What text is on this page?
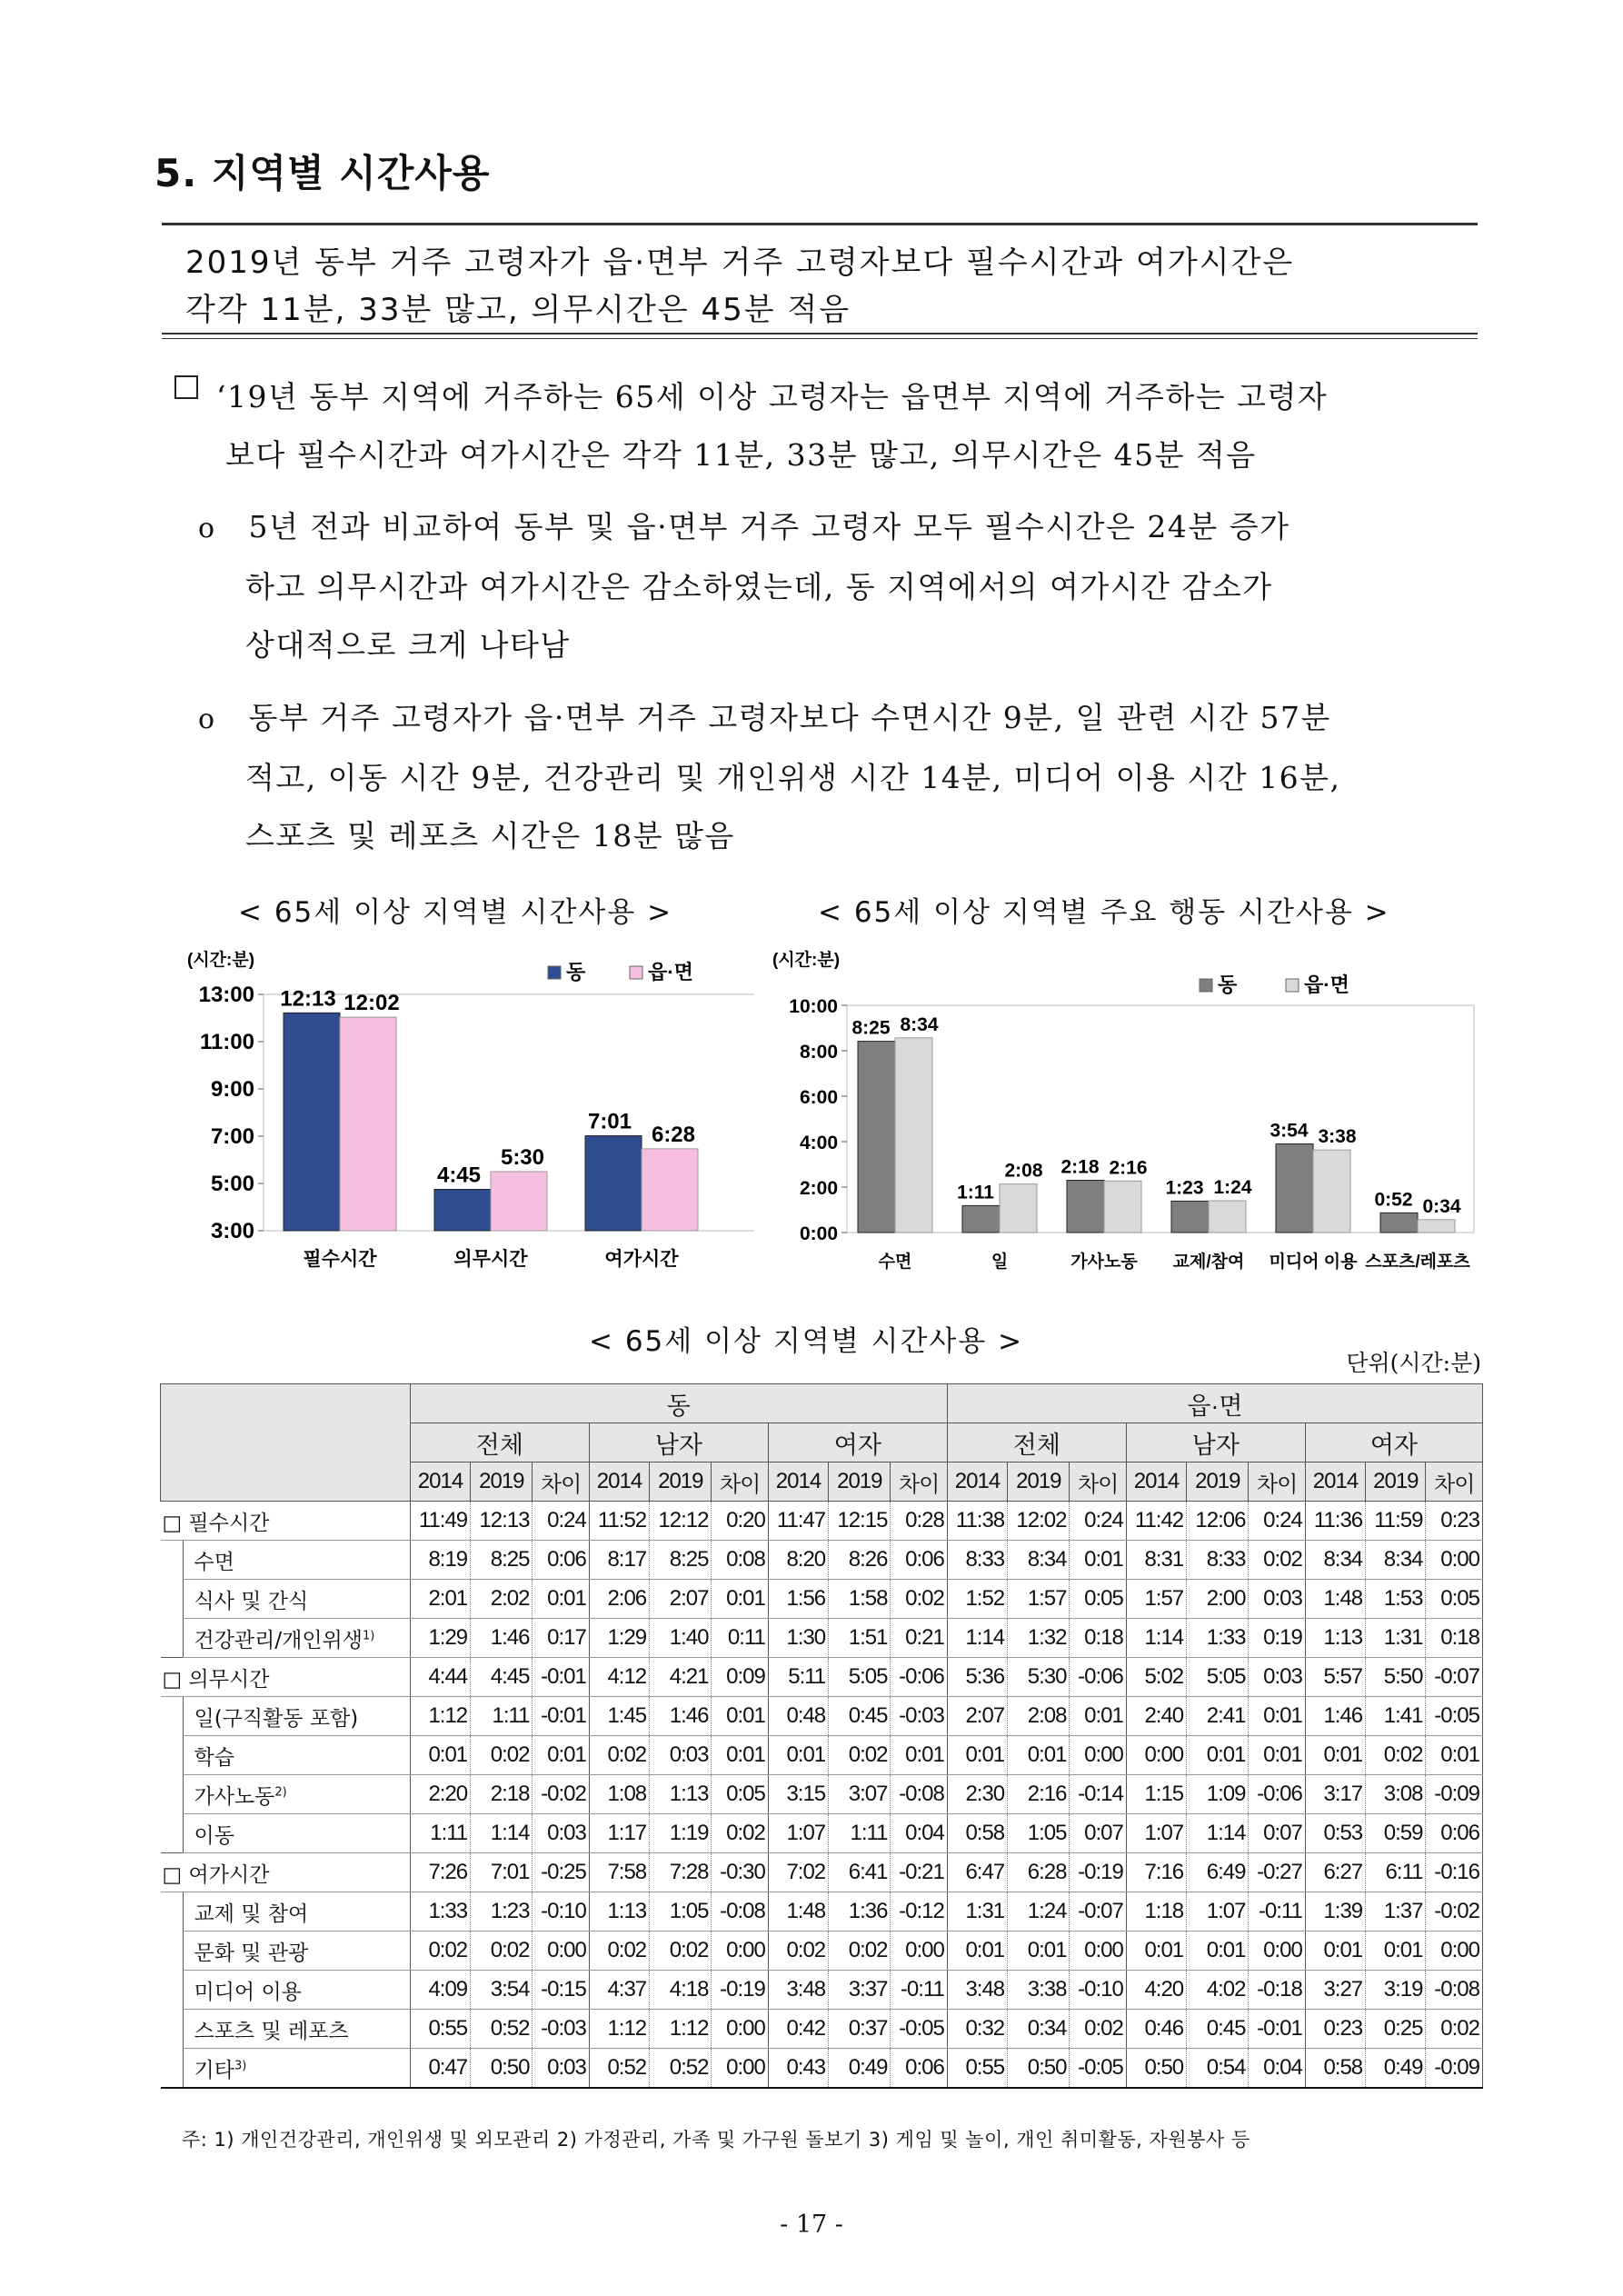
5. 지역별 시간사용
2019년 동부 거주 고령자가 읍·면부 거주 고령자보다 필수시간과 여가시간은
각각 11분, 33분 많고, 의무시간은 45분 적음
‘19년 동부 지역에 거주하는 65세 이상 고령자는 읍면부 지역에 거주하는 고령자
보다 필수시간과 여가시간은 각각 11분, 33분 많고, 의무시간은 45분 적음
o 5년 전과 비교하여 동부 및 읍·면부 거주 고령자 모두 필수시간은 24분 증가
하고 의무시간과 여가시간은 감소하였는데, 동 지역에서의 여가시간 감소가
상대적으로 크게 나타남
o 동부 거주 고령자가 읍·면부 거주 고령자보다 수면시간 9분, 일 관련 시간 57분
적고, 이동 시간 9분, 건강관리 및 개인위생 시간 14분, 미디어 이용 시간 16분,
스포츠 및 레포츠 시간은 18분 많음
< 65세 이상 지역별 시간사용 >
(시간:분)
13:00
11:00
9:00
7:00
5:00
3:00
12:13 12:02
필수시간
4:45
5:30
의무시간
7:01
6:28
여가시간
동	읍·면
< 65세 이상 지역별 주요 행동 시간사용 >
(시간:분)
10:00
8:00
6:00
4:00
2:00
0:00
8:25 8:34
수면
1:11
2:08
일
2:18 2:16
가사노동
1:23 1:24
교제/참여
3:54 3:38
미디어 이용
0:52 0:34
스포츠/레포츠
동	읍·면
< 65세 이상 지역별 시간사용 >
단위(시간:분)
		동									읍·면								
		전체			남자			여자			전체			남자			여자		
		2014	2019	차이	2014	2019	차이	2014	2019	차이	2014	2019	차이	2014	2019	차이	2014	2019	차이
□ 필수시간		11:49	12:13	0:24	11:52	12:12	0:20	11:47	12:15	0:28	11:38	12:02	0:24	11:42	12:06	0:24	11:36	11:59	0:23
	수면	8:19	8:25	0:06	8:17	8:25	0:08	8:20	8:26	0:06	8:33	8:34	0:01	8:31	8:33	0:02	8:34	8:34	0:00
	식사 및 간식	2:01	2:02	0:01	2:06	2:07	0:01	1:56	1:58	0:02	1:52	1:57	0:05	1:57	2:00	0:03	1:48	1:53	0:05
	건강관리/개인위생$^{1)}$	1:29	1:46	0:17	1:29	1:40	0:11	1:30	1:51	0:21	1:14	1:32	0:18	1:14	1:33	0:19	1:13	1:31	0:18
□ 의무시간		4:44	4:45	-0:01	4:12	4:21	0:09	5:11	5:05	-0:06	5:36	5:30	-0:06	5:02	5:05	0:03	5:57	5:50	-0:07
	일(구직활동 포함)	1:12	1:11	-0:01	1:45	1:46	0:01	0:48	0:45	-0:03	2:07	2:08	0:01	2:40	2:41	0:01	1:46	1:41	-0:05
	학습	0:01	0:02	0:01	0:02	0:03	0:01	0:01	0:02	0:01	0:01	0:01	0:00	0:00	0:01	0:01	0:01	0:02	0:01
	가사노동$^{2)}$	2:20	2:18	-0:02	1:08	1:13	0:05	3:15	3:07	-0:08	2:30	2:16	-0:14	1:15	1:09	-0:06	3:17	3:08	-0:09
	이동	1:11	1:14	0:03	1:17	1:19	0:02	1:07	1:11	0:04	0:58	1:05	0:07	1:07	1:14	0:07	0:53	0:59	0:06
□ 여가시간		7:26	7:01	-0:25	7:58	7:28	-0:30	7:02	6:41	-0:21	6:47	6:28	-0:19	7:16	6:49	-0:27	6:27	6:11	-0:16
	교제 및 참여	1:33	1:23	-0:10	1:13	1:05	-0:08	1:48	1:36	-0:12	1:31	1:24	-0:07	1:18	1:07	-0:11	1:39	1:37	-0:02
	문화 및 관광	0:02	0:02	0:00	0:02	0:02	0:00	0:02	0:02	0:00	0:01	0:01	0:00	0:01	0:01	0:00	0:01	0:01	0:00
	미디어 이용	4:09	3:54	-0:15	4:37	4:18	-0:19	3:48	3:37	-0:11	3:48	3:38	-0:10	4:20	4:02	-0:18	3:27	3:19	-0:08
	스포츠 및 레포츠	0:55	0:52	-0:03	1:12	1:12	0:00	0:42	0:37	-0:05	0:32	0:34	0:02	0:46	0:45	-0:01	0:23	0:25	0:02
	기타$^{3)}$	0:47	0:50	0:03	0:52	0:52	0:00	0:43	0:49	0:06	0:55	0:50	-0:05	0:50	0:54	0:04	0:58	0:49	-0:09
주: 1) 개인건강관리, 개인위생 및 외모관리 2) 가정관리, 가족 및 가구원 돌보기 3) 게임 및 놀이, 개인 취미활동, 자원봉사 등
- 17 -
